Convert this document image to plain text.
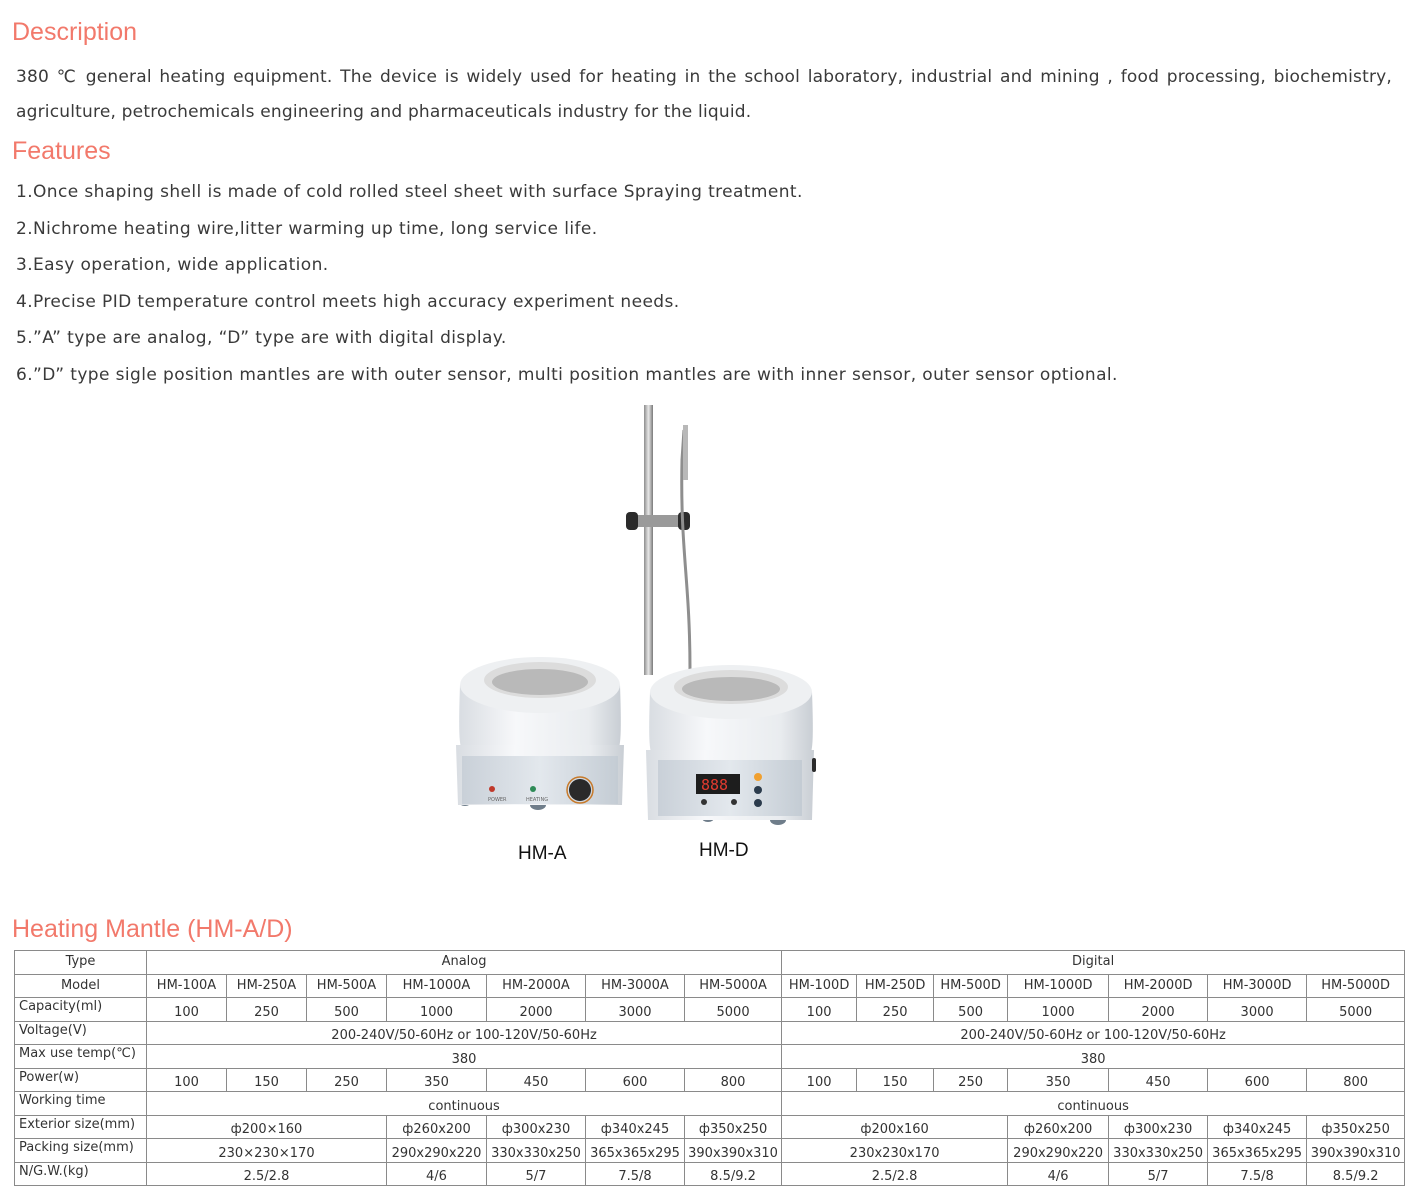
Description

380 ℃ general heating equipment. The device is widely used for heating in the school laboratory, industrial and mining , food processing, biochemistry, agriculture, petrochemicals engineering and pharmaceuticals industry for the liquid.

Features
1.Once shaping shell is made of cold rolled steel sheet with surface Spraying treatment.
2.Nichrome heating wire,litter warming up time, long service life.
3.Easy operation, wide application.
4.Precise PID temperature control meets high accuracy experiment needs.
5.”A” type are analog, “D” type are with digital display.
6.”D” type sigle position mantles are with outer sensor, multi position mantles are with inner sensor, outer sensor optional.
POWER	HEATING
888
HM-A	HM-D
Heating Mantle (HM-A/D)
Type	Analog							Digital						
Model	HM-100A	HM-250A	HM-500A	HM-1000A	HM-2000A	HM-3000A	HM-5000A	HM-100D	HM-250D	HM-500D	HM-1000D	HM-2000D	HM-3000D	HM-5000D
Capacity(ml)	100	250	500	1000	2000	3000	5000	100	250	500	1000	2000	3000	5000
Voltage(V)	200-240V/50-60Hz or 100-120V/50-60Hz							200-240V/50-60Hz or 100-120V/50-60Hz						
Max use temp(℃)	380							380						
Power(w)	100	150	250	350	450	600	800	100	150	250	350	450	600	800
Working time	continuous							continuous						
Exterior size(mm)	ф200×160			ф260x200	ф300x230	ф340x245	ф350x250	ф200x160			ф260x200	ф300x230	ф340x245	ф350x250
Packing size(mm)	230×230×170			290x290x220	330x330x250	365x365x295	390x390x310	230x230x170			290x290x220	330x330x250	365x365x295	390x390x310
N/G.W.(kg)	2.5/2.8			4/6	5/7	7.5/8	8.5/9.2	2.5/2.8			4/6	5/7	7.5/8	8.5/9.2
